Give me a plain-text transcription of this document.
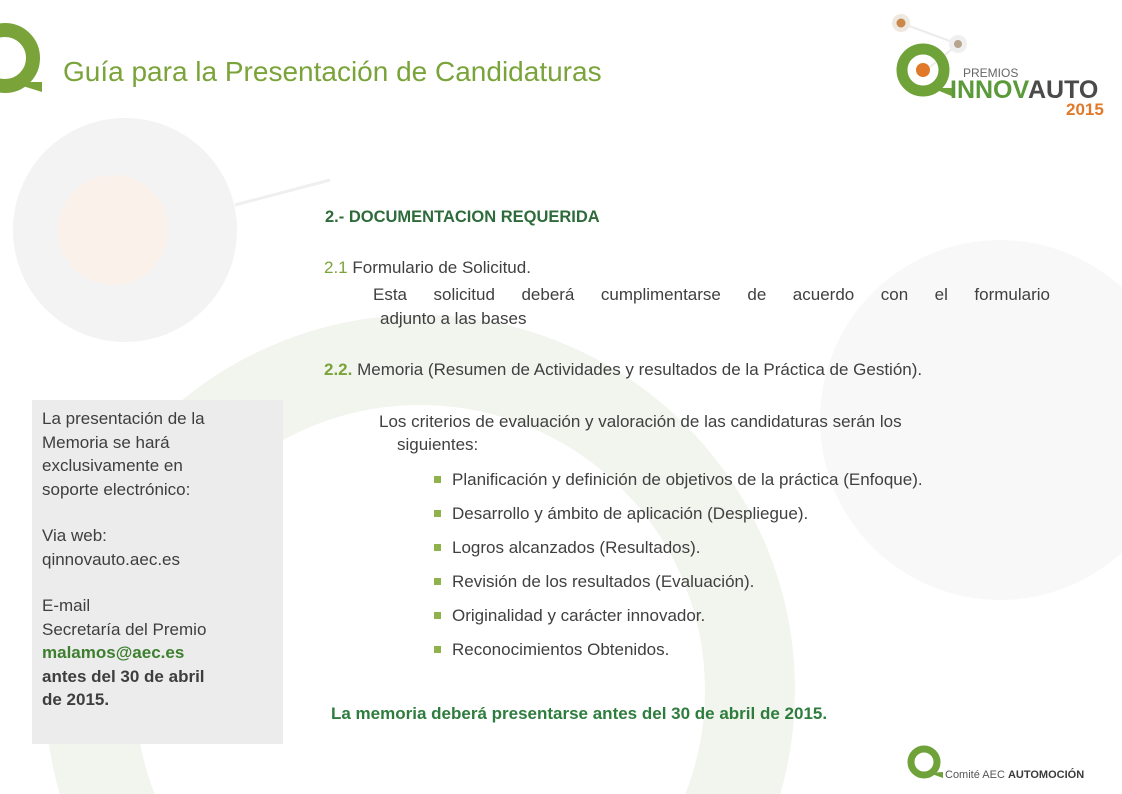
Guía para la Presentación de Candidaturas	PREMIOS
INNOV
AUTO
2015
La presentación de la
Memoria se hará
exclusivamente en
soporte electrónico:
Via web:
qinnovauto.aec.es
E-mail
Secretaría del Premio
malamos@aec.es
antes del 30 de abril
de 2015.
2.- DOCUMENTACION REQUERIDA
2.1 Formulario de Solicitud.
Esta solicitud deberá cumplimentarse de acuerdo con el formulario
adjunto a las bases
2.2. Memoria (Resumen de Actividades y resultados de la Práctica de Gestión).
Los criterios de evaluación y valoración de las candidaturas serán los
siguientes:
Planificación y definición de objetivos de la práctica (Enfoque).
Desarrollo y ámbito de aplicación (Despliegue).
Logros alcanzados (Resultados).
Revisión de los resultados (Evaluación).
Originalidad y carácter innovador.
Reconocimientos Obtenidos.
La memoria deberá presentarse antes del 30 de abril de 2015.
Comité AEC AUTOMOCIÓN
